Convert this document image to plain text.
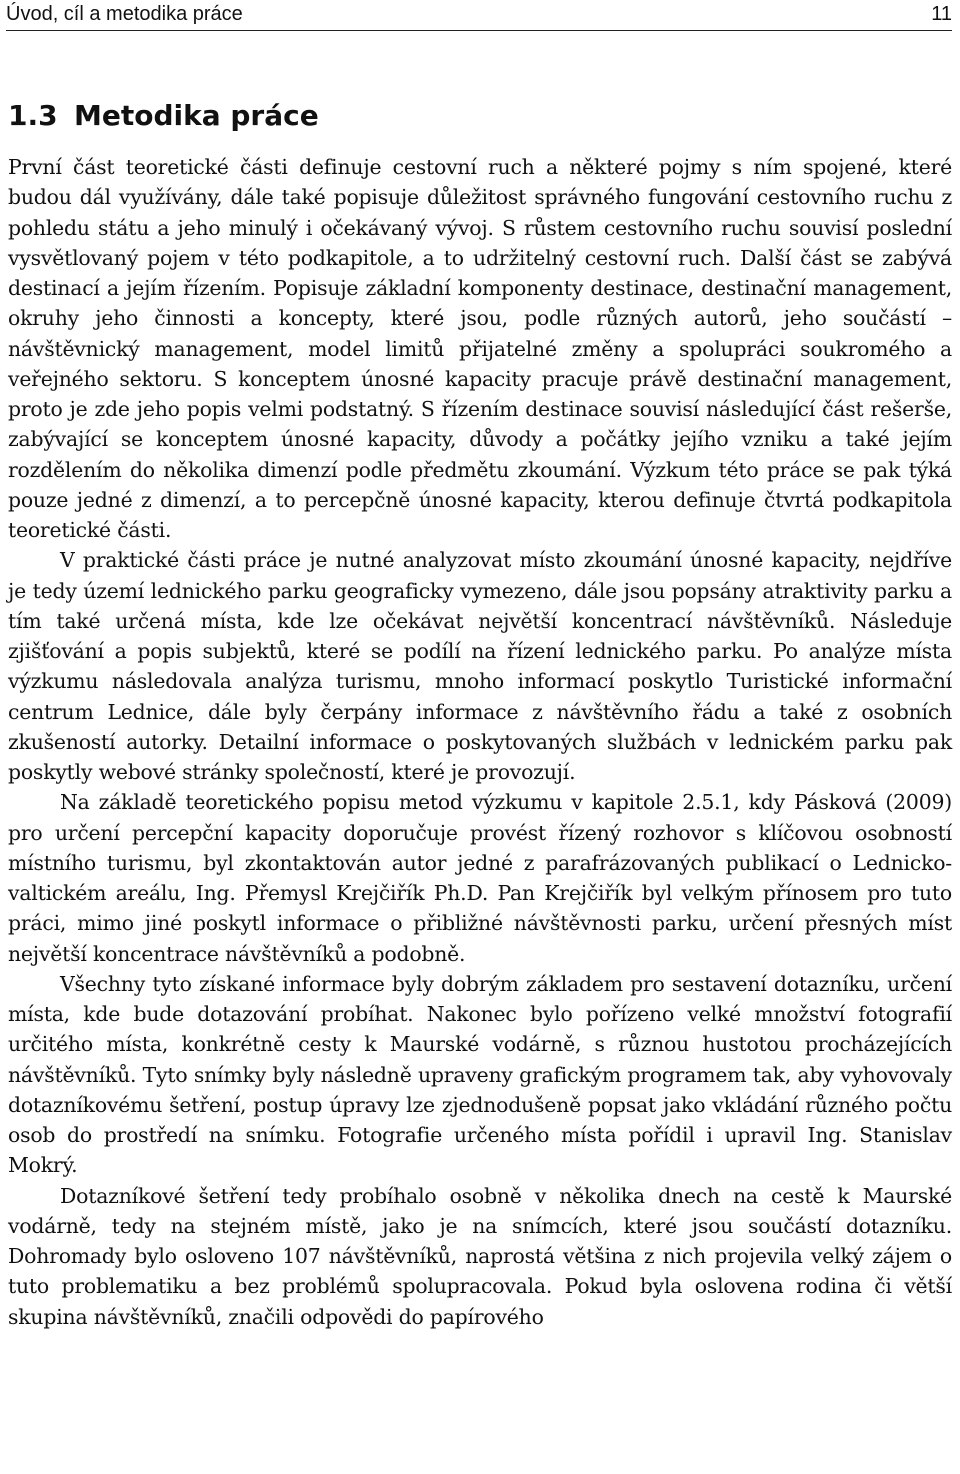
Úvod, cíl a metodika práce	11
1.3 Metodika práce

První část teoretické části definuje cestovní ruch a některé pojmy s ním spojené, které budou dál využívány, dále také popisuje důležitost správného fungování cestovního ruchu z pohledu státu a jeho minulý i očekávaný vývoj. S růstem cestovního ruchu souvisí poslední vysvětlovaný pojem v této podkapitole, a to udržitelný cestovní ruch. Další část se zabývá destinací a jejím řízením. Popisuje základní komponenty destinace, destinační management, okruhy jeho činnosti a koncepty, které jsou, podle různých autorů, jeho součástí – návštěvnický management, model limitů přijatelné změny a spolupráci soukromého a veřejného sektoru. S konceptem únosné kapacity pracuje právě destinační management, proto je zde jeho popis velmi podstatný. S řízením destinace souvisí následující část rešerše, zabývající se konceptem únosné kapacity, důvody a počátky jejího vzniku a také jejím rozdělením do několika dimenzí podle předmětu zkoumání. Výzkum této práce se pak týká pouze jedné z dimenzí, a to percepčně únosné kapacity, kterou definuje čtvrtá podkapitola teoretické části.

V praktické části práce je nutné analyzovat místo zkoumání únosné kapacity, nejdříve je tedy území lednického parku geograficky vymezeno, dále jsou popsány atraktivity parku a tím také určená místa, kde lze očekávat největší koncentrací návštěvníků. Následuje zjišťování a popis subjektů, které se podílí na řízení lednického parku. Po analýze místa výzkumu následovala analýza turismu, mnoho informací poskytlo Turistické informační centrum Lednice, dále byly čerpány informace z návštěvního řádu a také z osobních zkušeností autorky. Detailní informace o poskytovaných službách v lednickém parku pak poskytly webové stránky společností, které je provozují.

Na základě teoretického popisu metod výzkumu v kapitole 2.5.1, kdy Pásková (2009) pro určení percepční kapacity doporučuje provést řízený rozhovor s klíčovou osobností místního turismu, byl zkontaktován autor jedné z parafrázovaných publikací o Lednicko-valtickém areálu, Ing. Přemysl Krejčiřík Ph.D. Pan Krejčiřík byl velkým přínosem pro tuto práci, mimo jiné poskytl informace o přibližné návštěvnosti parku, určení přesných míst největší koncentrace návštěvníků a podobně.

Všechny tyto získané informace byly dobrým základem pro sestavení dotazníku, určení místa, kde bude dotazování probíhat. Nakonec bylo pořízeno velké množství fotografií určitého místa, konkrétně cesty k Maurské vodárně, s různou hustotou procházejících návštěvníků. Tyto snímky byly následně upraveny grafickým programem tak, aby vyhovovaly dotazníkovému šetření, postup úpravy lze zjednodušeně popsat jako vkládání různého počtu osob do prostředí na snímku. Fotografie určeného místa pořídil i upravil Ing. Stanislav Mokrý.

Dotazníkové šetření tedy probíhalo osobně v několika dnech na cestě k Maurské vodárně, tedy na stejném místě, jako je na snímcích, které jsou součástí dotazníku. Dohromady bylo osloveno 107 návštěvníků, naprostá většina z nich projevila velký zájem o tuto problematiku a bez problémů spolupracovala. Pokud byla oslovena rodina či větší skupina návštěvníků, značili odpovědi do papírového
